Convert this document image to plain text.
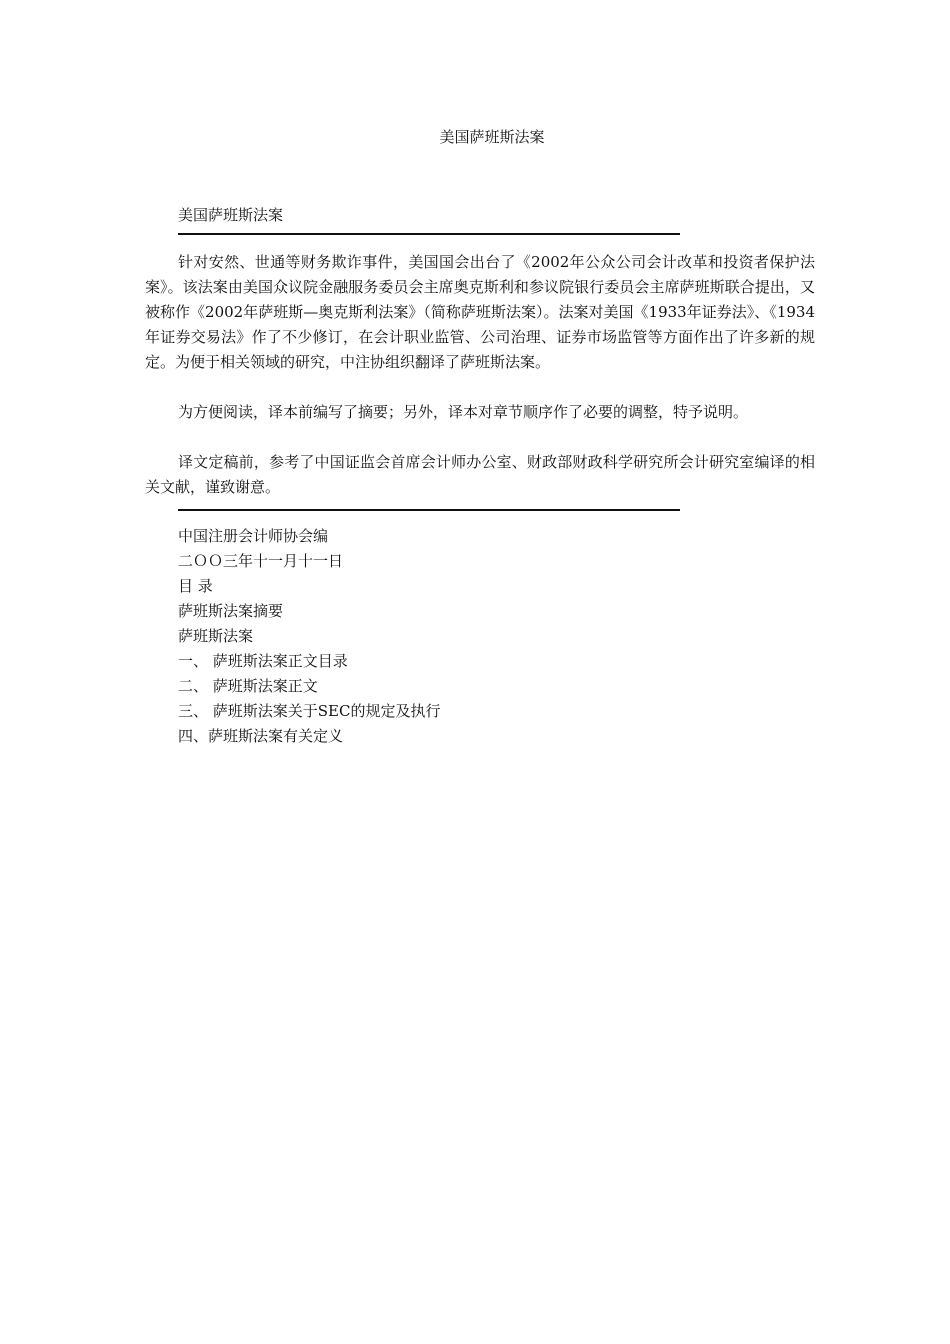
美国萨班斯法案
美国萨班斯法案
针对安然、世通等财务欺诈事件，美国国会出台了《2002年公众公司会计改革和投资者保护法案》。该法案由美国众议院金融服务委员会主席奥克斯利和参议院银行委员会主席萨班斯联合提出，又被称作《2002年萨班斯—奥克斯利法案》（简称萨班斯法案）。法案对美国《1933年证券法》、《1934年证券交易法》作了不少修订，在会计职业监管、公司治理、证券市场监管等方面作出了许多新的规定。为便于相关领域的研究，中注协组织翻译了萨班斯法案。
为方便阅读，译本前编写了摘要；另外，译本对章节顺序作了必要的调整，特予说明。
译文定稿前，参考了中国证监会首席会计师办公室、财政部财政科学研究所会计研究室编译的相关文献，谨致谢意。
中国注册会计师协会编
二ＯＯ三年十一月十一日
目 录
萨班斯法案摘要
萨班斯法案
一、 萨班斯法案正文目录
二、 萨班斯法案正文
三、 萨班斯法案关于SEC的规定及执行
四、萨班斯法案有关定义
